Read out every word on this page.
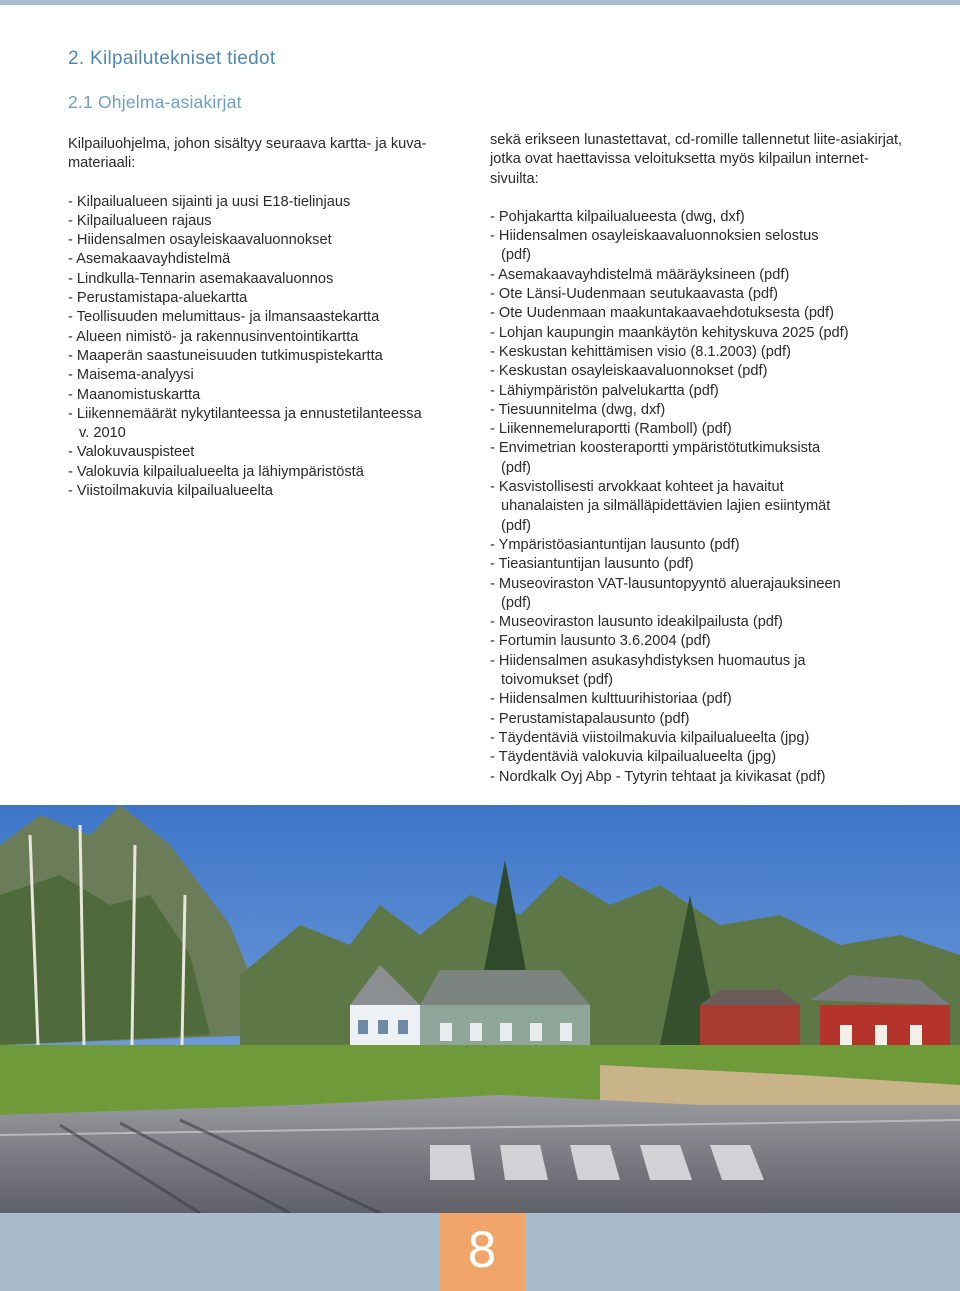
2. Kilpailutekniset tiedot
2.1 Ohjelma-asiakirjat

Kilpailuohjelma, johon sisältyy seuraava kartta- ja kuva-materiaali:

- Kilpailualueen sijainti ja uusi E18-tielinjaus
- Kilpailualueen rajaus
- Hiidensalmen osayleiskaavaluonnokset
- Asemakaavayhdistelmä
- Lindkulla-Tennarin asemakaavaluonnos
- Perustamistapa-aluekartta
- Teollisuuden melumittaus- ja ilmansaastekartta
- Alueen nimistö- ja rakennusinventointikartta
- Maaperän saastuneisuuden tutkimuspistekartta
- Maisema-analyysi
- Maanomistuskartta
- Liikennemäärät nykytilanteessa ja ennustetilanteessa
v. 2010
- Valokuvauspisteet
- Valokuvia kilpailualueelta ja lähiympäristöstä
- Viistoilmakuvia kilpailualueelta

sekä erikseen lunastettavat, cd-romille tallennetut liite-asiakirjat, jotka ovat haettavissa veloituksetta myös kilpailun internet-sivuilta:

- Pohjakartta kilpailualueesta (dwg, dxf)
- Hiidensalmen osayleiskaavaluonnoksien selostus
(pdf)
- Asemakaavayhdistelmä määräyksineen (pdf)
- Ote Länsi-Uudenmaan seutukaavasta (pdf)
- Ote Uudenmaan maakuntakaavaehdotuksesta (pdf)
- Lohjan kaupungin maankäytön kehityskuva 2025 (pdf)
- Keskustan kehittämisen visio (8.1.2003) (pdf)
- Keskustan osayleiskaavaluonnokset (pdf)
- Lähiympäristön palvelukartta (pdf)
- Tiesuunnitelma (dwg, dxf)
- Liikennemeluraportti (Ramboll) (pdf)
- Envimetrian koosteraportti ympäristötutkimuksista
(pdf)
- Kasvistollisesti arvokkaat kohteet ja havaitut
uhanalaisten ja silmälläpidettävien lajien esiintymät
(pdf)
- Ympäristöasiantuntijan lausunto (pdf)
- Tieasiantuntijan lausunto (pdf)
- Museoviraston VAT-lausuntopyyntö aluerajauksineen
(pdf)
- Museoviraston lausunto ideakilpailusta (pdf)
- Fortumin lausunto 3.6.2004 (pdf)
- Hiidensalmen asukasyhdistyksen huomautus ja
toivomukset (pdf)
- Hiidensalmen kulttuurihistoriaa (pdf)
- Perustamistapalausunto (pdf)
- Täydentäviä viistoilmakuvia kilpailualueelta (jpg)
- Täydentäviä valokuvia kilpailualueelta (jpg)
- Nordkalk Oyj Abp - Tytyrin tehtaat ja kivikasat (pdf)
8
